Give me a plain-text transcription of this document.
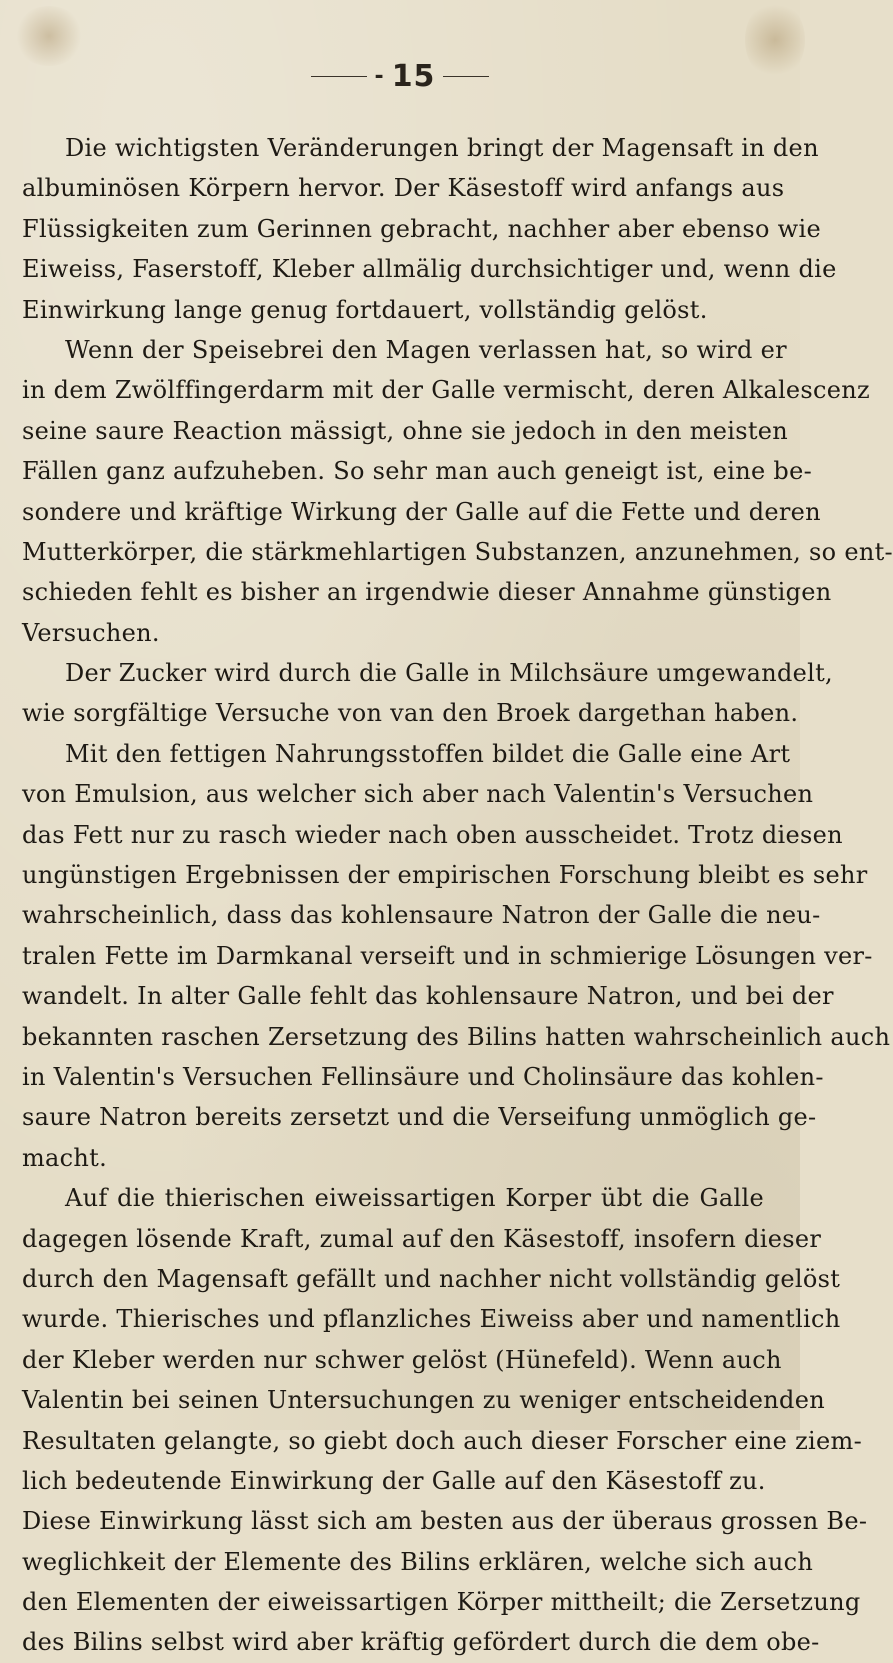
- 15
Die wichtigsten Veränderungen bringt der Magensaft in den
albuminösen Körpern hervor. Der Käsestoff wird anfangs aus
Flüssigkeiten zum Gerinnen gebracht, nachher aber ebenso wie
Eiweiss, Faserstoff, Kleber allmälig durchsichtiger und, wenn die
Einwirkung lange genug fortdauert, vollständig gelöst.
Wenn der Speisebrei den Magen verlassen hat, so wird er
in dem Zwölffingerdarm mit der Galle vermischt, deren Alkalescenz
seine saure Reaction mässigt, ohne sie jedoch in den meisten
Fällen ganz aufzuheben. So sehr man auch geneigt ist, eine be-
sondere und kräftige Wirkung der Galle auf die Fette und deren
Mutterkörper, die stärkmehlartigen Substanzen, anzunehmen, so ent-
schieden fehlt es bisher an irgendwie dieser Annahme günstigen
Versuchen.
Der Zucker wird durch die Galle in Milchsäure umgewandelt,
wie sorgfältige Versuche von van den Broek dargethan haben.
Mit den fettigen Nahrungsstoffen bildet die Galle eine Art
von Emulsion, aus welcher sich aber nach Valentin's Versuchen
das Fett nur zu rasch wieder nach oben ausscheidet. Trotz diesen
ungünstigen Ergebnissen der empirischen Forschung bleibt es sehr
wahrscheinlich, dass das kohlensaure Natron der Galle die neu-
tralen Fette im Darmkanal verseift und in schmierige Lösungen ver-
wandelt. In alter Galle fehlt das kohlensaure Natron, und bei der
bekannten raschen Zersetzung des Bilins hatten wahrscheinlich auch
in Valentin's Versuchen Fellinsäure und Cholinsäure das kohlen-
saure Natron bereits zersetzt und die Verseifung unmöglich ge-
macht.
Auf die thierischen eiweissartigen Korper übt die Galle
dagegen lösende Kraft, zumal auf den Käsestoff, insofern dieser
durch den Magensaft gefällt und nachher nicht vollständig gelöst
wurde. Thierisches und pflanzliches Eiweiss aber und namentlich
der Kleber werden nur schwer gelöst (Hünefeld). Wenn auch
Valentin bei seinen Untersuchungen zu weniger entscheidenden
Resultaten gelangte, so giebt doch auch dieser Forscher eine ziem-
lich bedeutende Einwirkung der Galle auf den Käsestoff zu.
Diese Einwirkung lässt sich am besten aus der überaus grossen Be-
weglichkeit der Elemente des Bilins erklären, welche sich auch
den Elementen der eiweissartigen Körper mittheilt; die Zersetzung
des Bilins selbst wird aber kräftig gefördert durch die dem obe-
